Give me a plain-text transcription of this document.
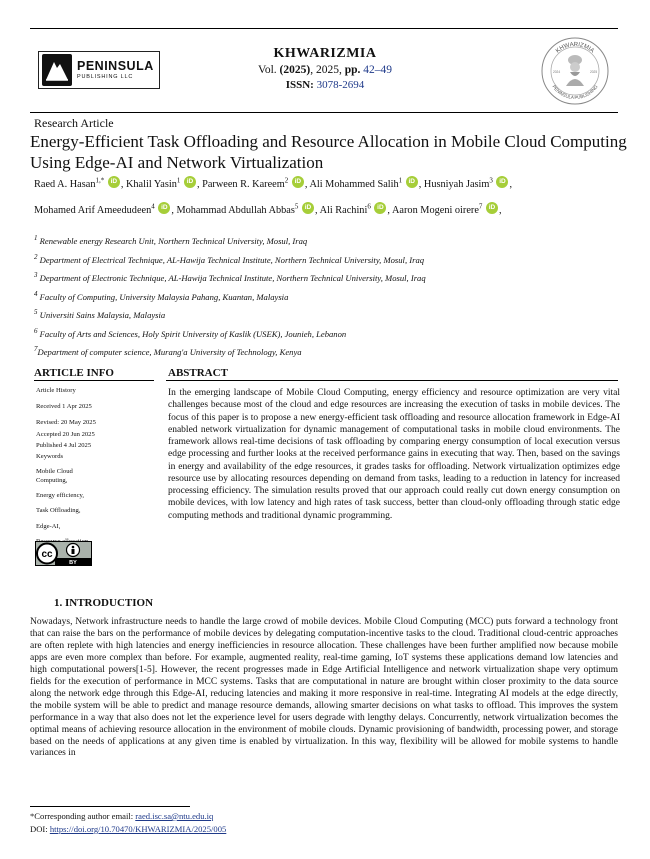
PENINSULA
PUBLISHING LLC
KHWARIZMIA
Vol. (2025), 2025, pp. 42–49
ISSN: 3078-2694
KHWARIZMIA
PENINSULA PUBLISHING
2024	2025
Research Article
Energy-Efficient Task Offloading and Resource Allocation in Mobile Cloud Computing Using Edge-AI and Network Virtualization
Raed A. Hasan$^{1,*}$ iD , Khalil Yasin$^1$ iD , Parween R. Kareem$^2$ iD , Ali Mohammed Salih$^1$ iD , Husniyah Jasim$^3$ iD ,
Mohamed Arif Ameedudeen$^4$ iD , Mohammad Abdullah Abbas$^5$ iD , Ali Rachini$^6$ iD , Aaron Mogeni oirere$^7$ iD ,
$^1$ Renewable energy Research Unit, Northern Technical University, Mosul, Iraq
$^2$ Department of Electrical Technique, AL-Hawija Technical Institute, Northern Technical University, Mosul, Iraq
$^3$ Department of Electronic Technique, AL-Hawija Technical Institute, Northern Technical University, Mosul, Iraq
$^4$ Faculty of Computing, University Malaysia Pahang, Kuantan, Malaysia
$^5$ Universiti Sains Malaysia, Malaysia
$^6$ Faculty of Arts and Sciences, Holy Spirit University of Kaslik (USEK), Jounieh, Lebanon
$^7$Department of computer science, Murang'a University of Technology, Kenya
ARTICLE INFO
Article History
Received 1 Apr 2025
Revised: 20 May 2025
Accepted 20 Jun 2025
Published 4 Jul 2025
Keywords
Mobile Cloud
Computing,
Energy efficiency,
Task Offloading,
Edge-AI,
cc
BY
ABSTRACT
In the emerging landscape of Mobile Cloud Computing, energy efficiency and resource optimization are very vital challenges because most of the cloud and edge resources are increasing the execution of tasks in mobile devices. The focus of this paper is to propose a new energy-efficient task offloading and resource allocation framework in Edge-AI enabled network virtualization for dynamic management of computational tasks in mobile cloud environments. The framework allows real-time decisions of task offloading by comparing energy consumption of local execution versus edge processing and further looks at the received performance gains in executing that way. Then, based on the savings in energy and availability of the edge resources, it grades tasks for offloading. Network virtualization optimizes edge resource use by allocating resources depending on demand from tasks, leading to a reduction in latency for increased processing efficiency. The simulation results proved that our approach could really cut down energy consumption on mobile devices, with low latency and high rates of task success, better than cloud-only offloading through static edge computing methods and traditional dynamic programming.
1. INTRODUCTION
Nowadays, Network infrastructure needs to handle the large crowd of mobile devices. Mobile Cloud Computing (MCC) puts forward a technology front that can raise the bars on the performance of mobile devices by delegating computation-incentive tasks to the cloud. Traditional cloud-centric approaches are often replete with high latencies and energy inefficiencies in resource allocation. These challenges have been further amplified now because mobile apps are even more complex than before. For example, augmented reality, real-time gaming, IoT systems these applications demand low latencies and high computational powers[1-5]. However, the recent progresses made in Edge Artificial Intelligence and network virtualization shape very optimum fields for the execution of performance in MCC systems. Tasks that are computational in nature are brought within closer proximity to the data source along the network edge through this Edge-AI, reducing latencies and making it more responsive in real-time. Integrating AI models at the edge directly, the mobile system will be able to predict and manage resource demands, allowing smarter decisions on what tasks to offload. This improves the system performance in a way that also does not let the experience level for users degrade with lengthy delays. Concurrently, network virtualization becomes the optimal means of achieving resource allocation in the environment of mobile clouds. Dynamic provisioning of bandwidth, processing power, and storage based on the needs of applications at any given time is enabled by virtualization. In this way, flexibility will be allowed for mobile systems to handle variances in
*Corresponding author email: raed.isc.sa@ntu.edu.iq
DOI: https://doi.org/10.70470/KHWARIZMIA/2025/005
